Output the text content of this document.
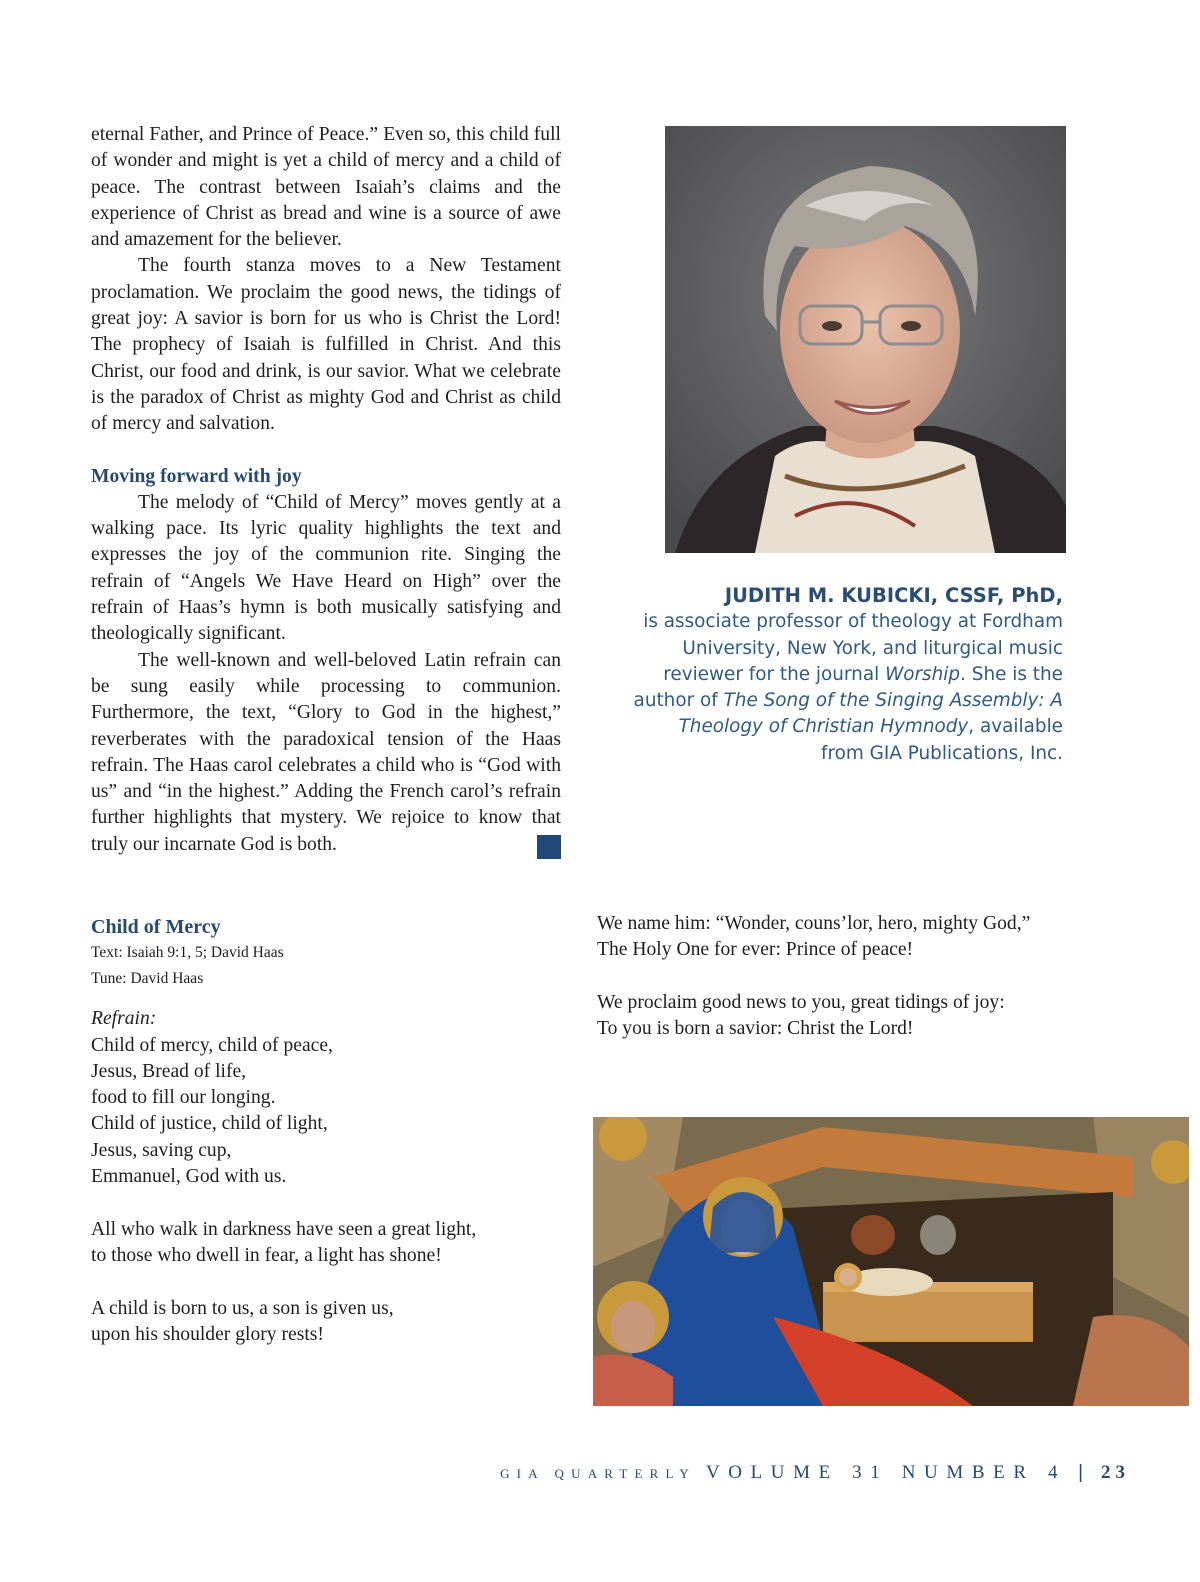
eternal Father, and Prince of Peace.” Even so, this child full of wonder and might is yet a child of mercy and a child of peace. The contrast between Isaiah’s claims and the experience of Christ as bread and wine is a source of awe and amazement for the believer.

The fourth stanza moves to a New Testament proclamation. We proclaim the good news, the tidings of great joy: A savior is born for us who is Christ the Lord! The prophecy of Isaiah is fulfilled in Christ. And this Christ, our food and drink, is our savior. What we celebrate is the paradox of Christ as mighty God and Christ as child of mercy and salvation.

Moving forward with joy

The melody of “Child of Mercy” moves gently at a walking pace. Its lyric quality highlights the text and expresses the joy of the communion rite. Singing the refrain of “Angels We Have Heard on High” over the refrain of Haas’s hymn is both musically satisfying and theologically significant.

The well-known and well-beloved Latin refrain can be sung easily while processing to communion. Furthermore, the text, “Glory to God in the highest,” reverberates with the paradoxical tension of the Haas refrain. The Haas carol celebrates a child who is “God with us” and “in the highest.” Adding the French carol’s refrain further highlights that mystery. We rejoice to know that truly our incarnate God is both.

JUDITH M. KUBICKI, CSSF, PhD,

is associate professor of theology at Fordham University, New York, and liturgical music reviewer for the journal Worship. She is the author of The Song of the Singing Assembly: A Theology of Christian Hymnody, available from GIA Publications, Inc.

Child of Mercy
Text: Isaiah 9:1, 5; David Haas
Tune: David Haas
Refrain:
Child of mercy, child of peace,
Jesus, Bread of life,
food to fill our longing.
Child of justice, child of light,
Jesus, saving cup,
Emmanuel, God with us.
All who walk in darkness have seen a great light,
to those who dwell in fear, a light has shone!
A child is born to us, a son is given us,
upon his shoulder glory rests!
We name him: “Wonder, couns’lor, hero, mighty God,”
The Holy One for ever: Prince of peace!
We proclaim good news to you, great tidings of joy:
To you is born a savior: Christ the Lord!
GIA QUARTERLY VOLUME 31 NUMBER 4 | 23
